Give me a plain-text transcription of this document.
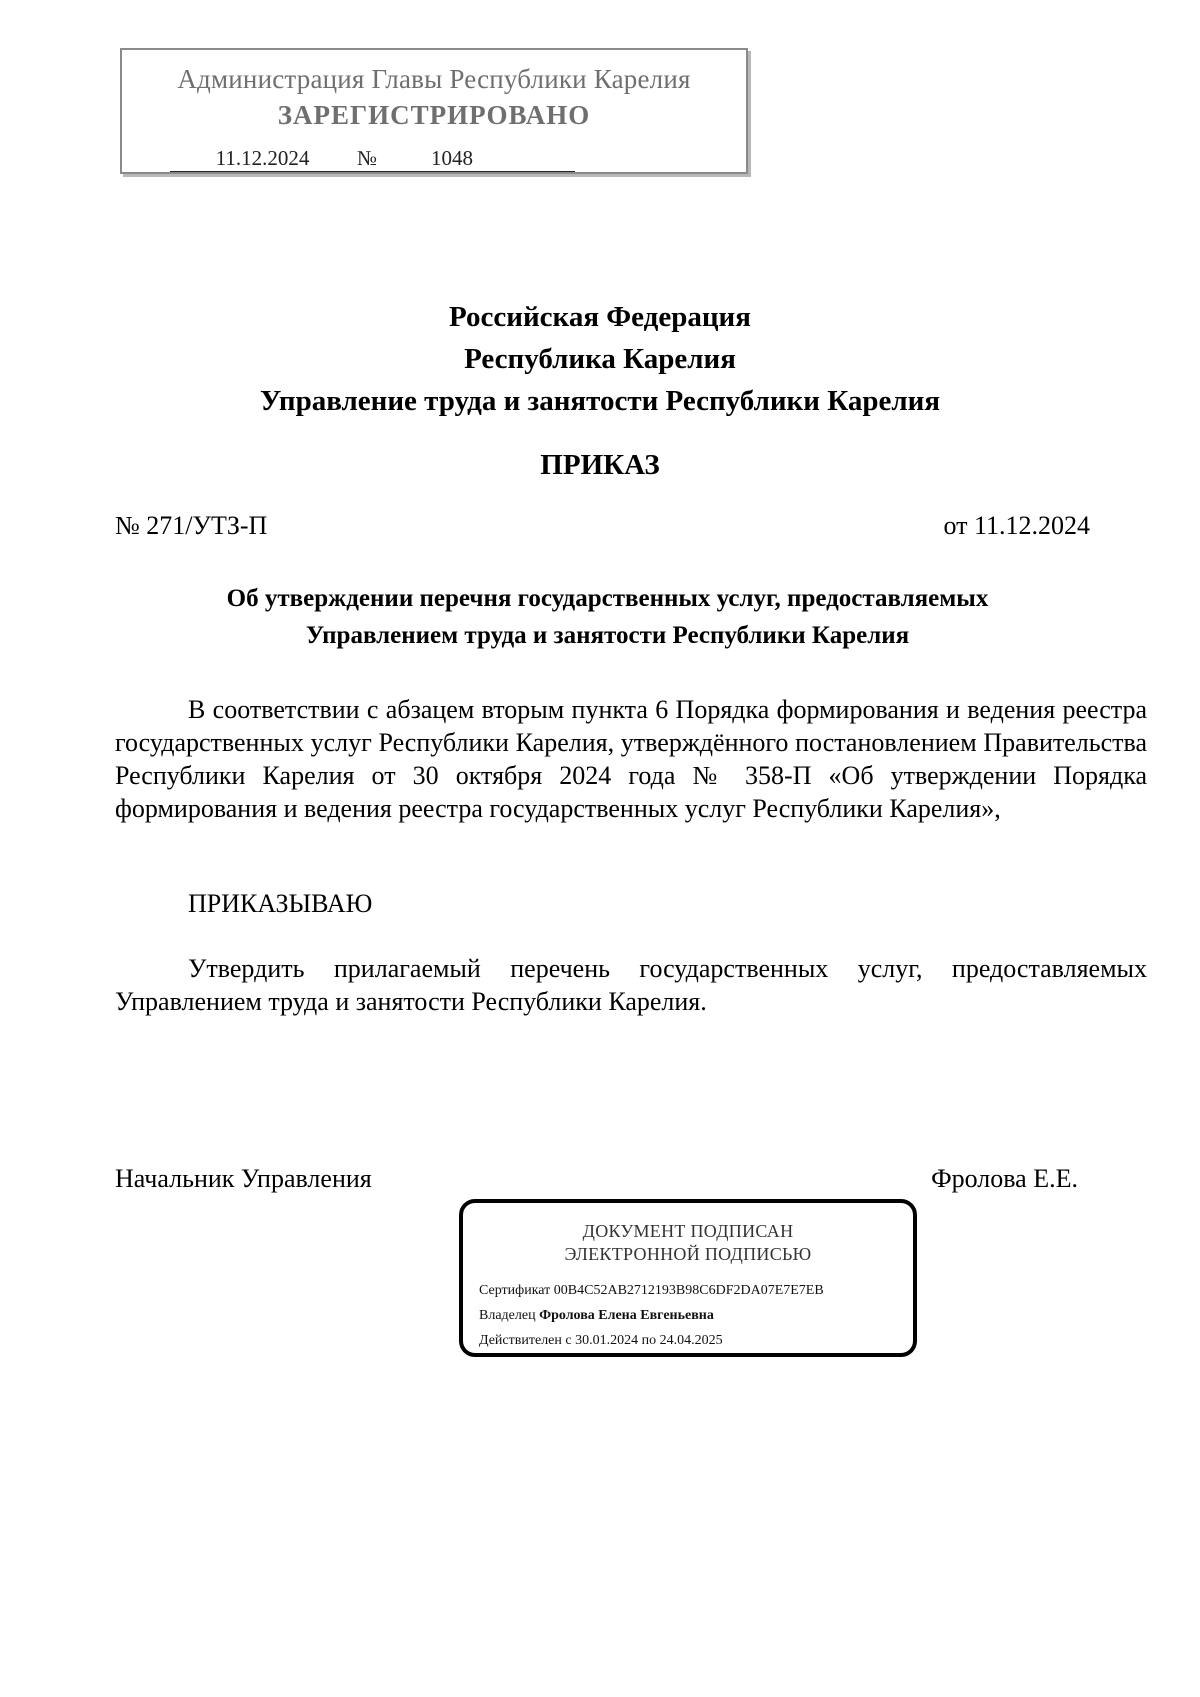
Администрация Главы Республики Карелия
ЗАРЕГИСТРИРОВАНО
11.12.2024 №	1048
Российская Федерация
Республика Карелия
Управление труда и занятости Республики Карелия
ПРИКАЗ
№ 271/УТЗ-П	от 11.12.2024
Об утверждении перечня государственных услуг, предоставляемых
Управлением труда и занятости Республики Карелия
В соответствии с абзацем вторым пункта 6 Порядка формирования и ведения реестра государственных услуг Республики Карелия, утверждённого постановлением Правительства Республики Карелия от 30 октября 2024 года № 358-П «Об утверждении Порядка формирования и ведения реестра государственных услуг Республики Карелия»,
ПРИКАЗЫВАЮ
Утвердить прилагаемый перечень государственных услуг, предоставляемых Управлением труда и занятости Республики Карелия.
Начальник Управления	Фролова Е.Е.
ДОКУМЕНТ ПОДПИСАН
ЭЛЕКТРОННОЙ ПОДПИСЬЮ
Сертификат 00B4C52AB2712193B98C6DF2DA07E7E7EB
Владелец Фролова Елена Евгеньевна
Действителен с 30.01.2024 по 24.04.2025
